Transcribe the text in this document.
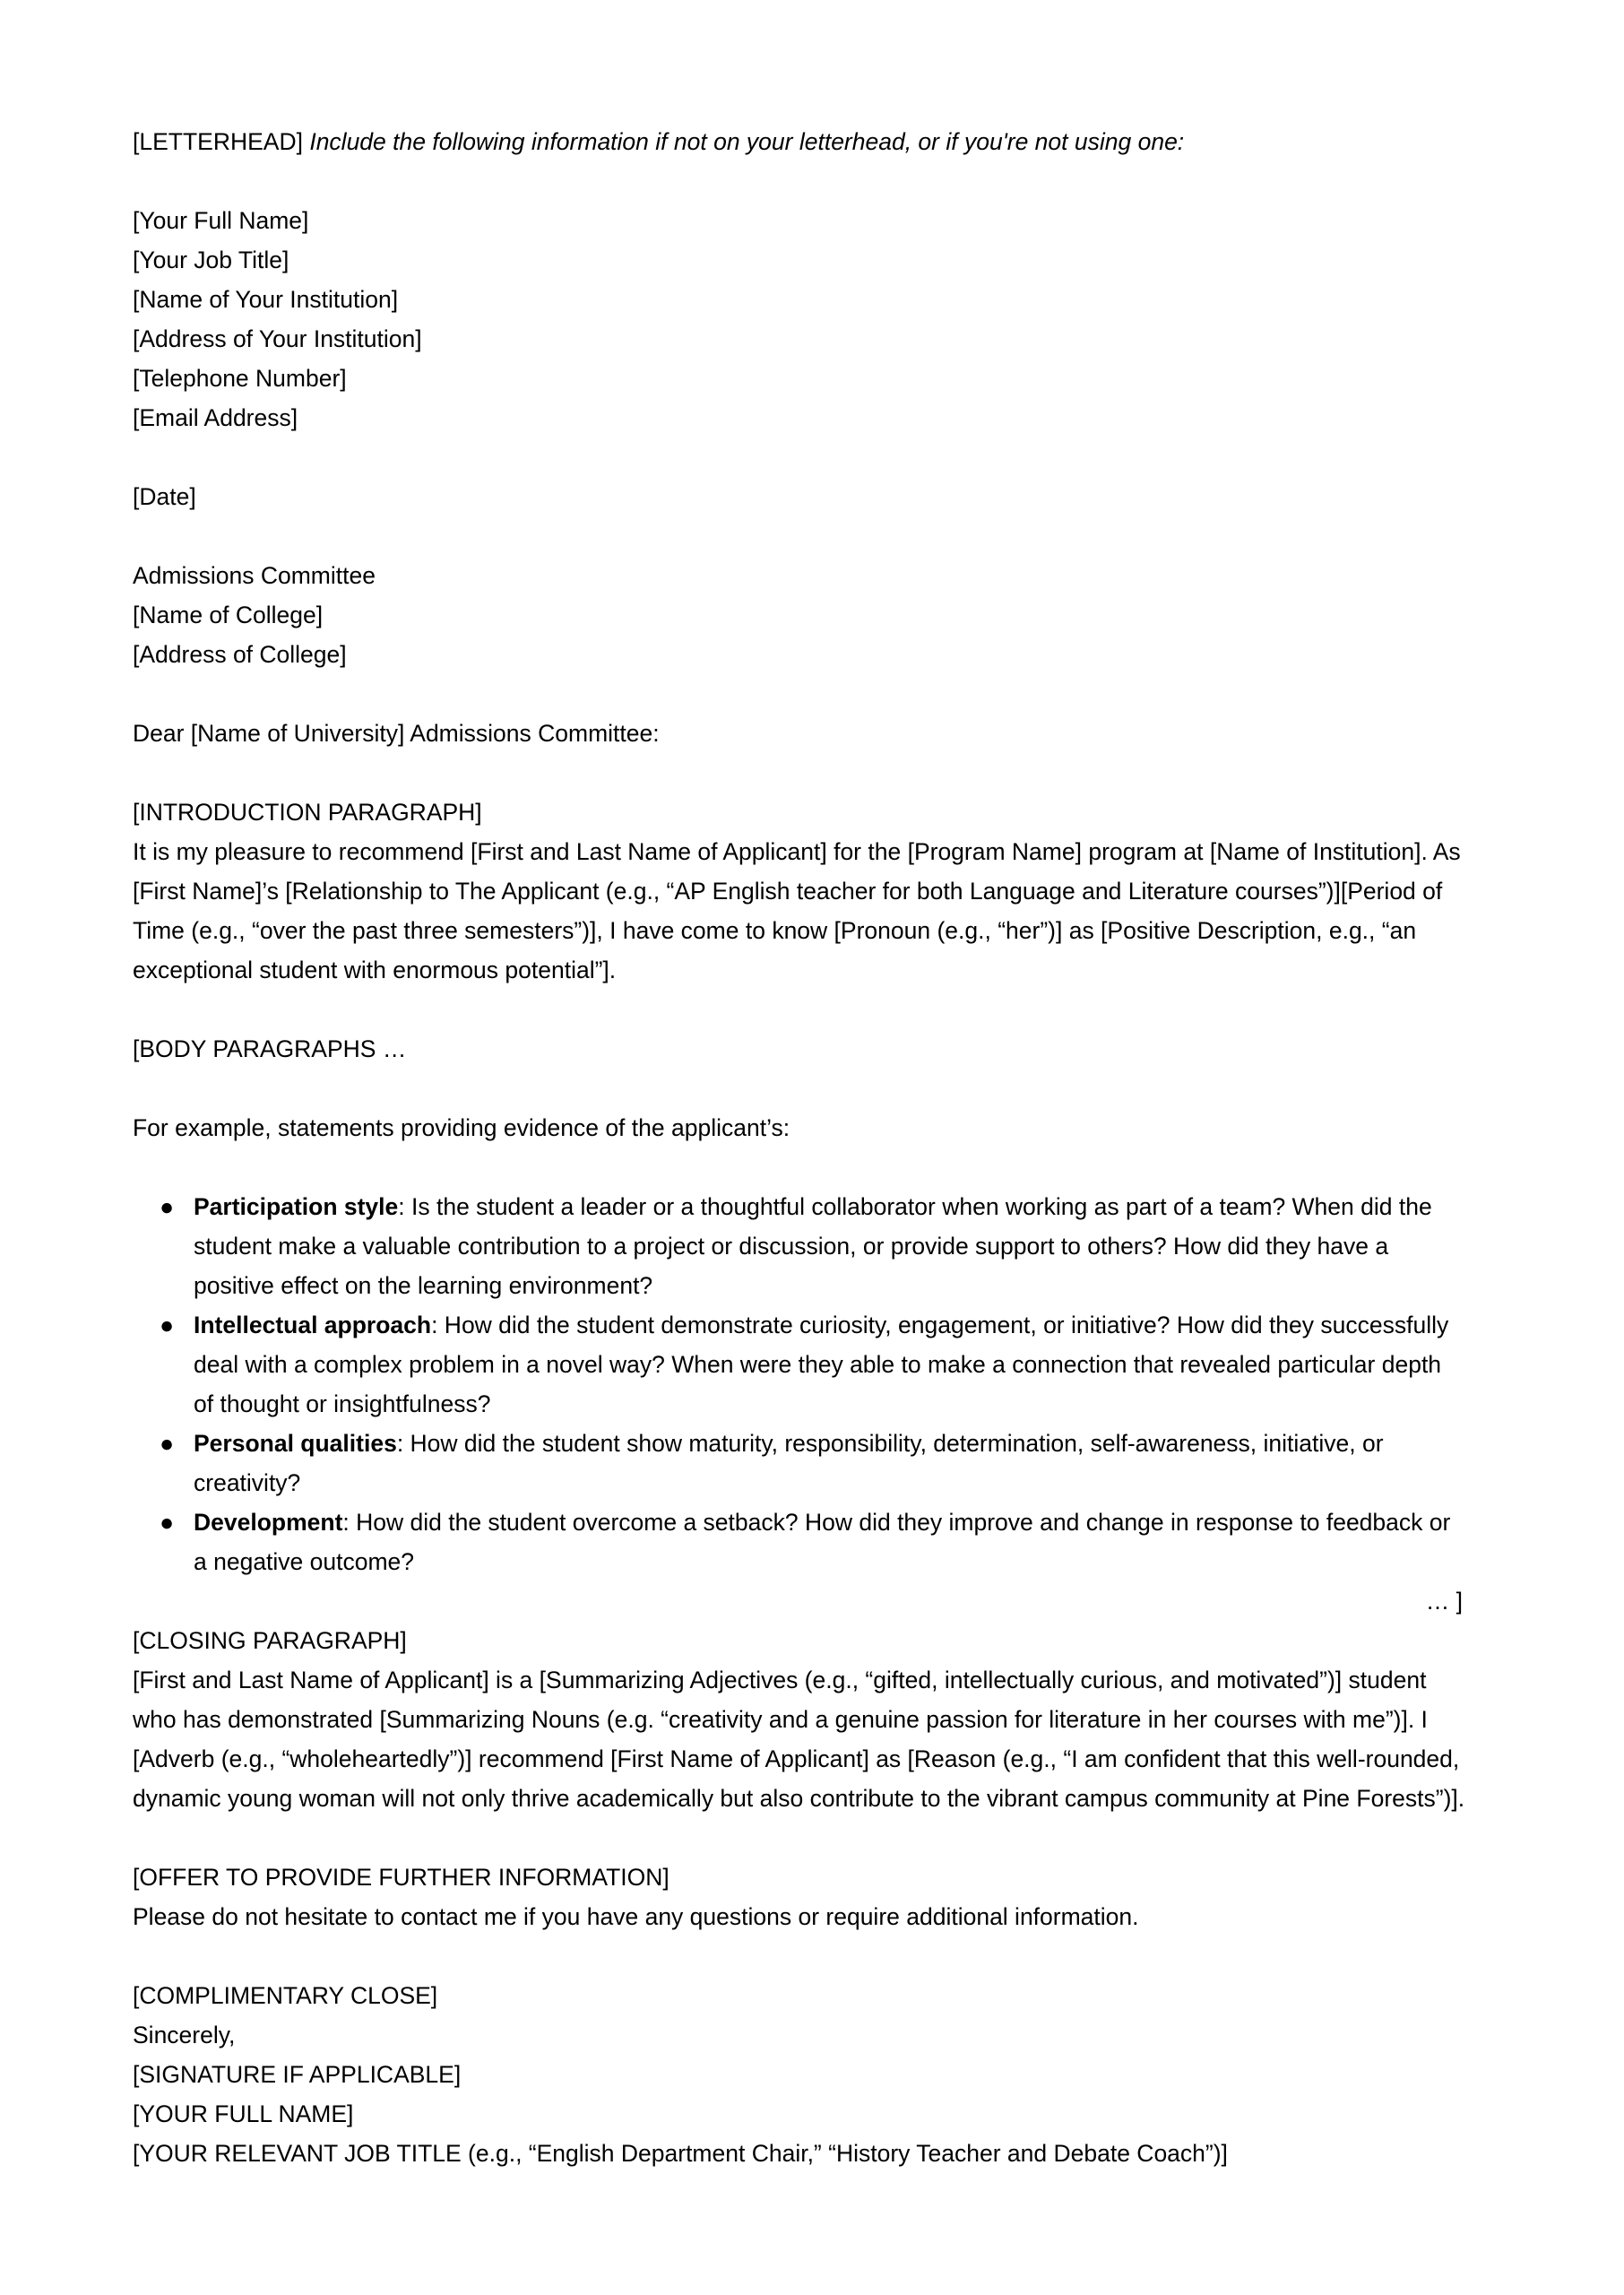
[LETTERHEAD] Include the following information if not on your letterhead, or if you're not using one:

[Your Full Name]
[Your Job Title]
[Name of Your Institution]
[Address of Your Institution]
[Telephone Number]
[Email Address]
[Date]
Admissions Committee
[Name of College]
[Address of College]
Dear [Name of University] Admissions Committee:
[INTRODUCTION PARAGRAPH]
It is my pleasure to recommend [First and Last Name of Applicant] for the [Program Name] program at [Name of Institution]. As [First Name]’s [Relationship to The Applicant (e.g., “AP English teacher for both Language and Literature courses”)][Period of Time (e.g., “over the past three semesters”)], I have come to know [Pronoun (e.g., “her”)] as [Positive Description, e.g., “an exceptional student with enormous potential”].
[BODY PARAGRAPHS …
For example, statements providing evidence of the applicant’s:
● Participation style: Is the student a leader or a thoughtful collaborator when working as part of a team? When did the student make a valuable contribution to a project or discussion, or provide support to others? How did they have a positive effect on the learning environment?
● Intellectual approach: How did the student demonstrate curiosity, engagement, or initiative? How did they successfully deal with a complex problem in a novel way? When were they able to make a connection that revealed particular depth of thought or insightfulness?
● Personal qualities: How did the student show maturity, responsibility, determination, self-awareness, initiative, or creativity?
● Development: How did the student overcome a setback? How did they improve and change in response to feedback or a negative outcome?
… ]
[CLOSING PARAGRAPH]
[First and Last Name of Applicant] is a [Summarizing Adjectives (e.g., “gifted, intellectually curious, and motivated”)] student who has demonstrated [Summarizing Nouns (e.g. “creativity and a genuine passion for literature in her courses with me”)]. I [Adverb (e.g., “wholeheartedly”)] recommend [First Name of Applicant] as [Reason (e.g., “I am confident that this well-rounded, dynamic young woman will not only thrive academically but also contribute to the vibrant campus community at Pine Forests”)].
[OFFER TO PROVIDE FURTHER INFORMATION]
Please do not hesitate to contact me if you have any questions or require additional information.
[COMPLIMENTARY CLOSE]
Sincerely,
[SIGNATURE IF APPLICABLE]
[YOUR FULL NAME]
[YOUR RELEVANT JOB TITLE (e.g., “English Department Chair,” “History Teacher and Debate Coach”)]
